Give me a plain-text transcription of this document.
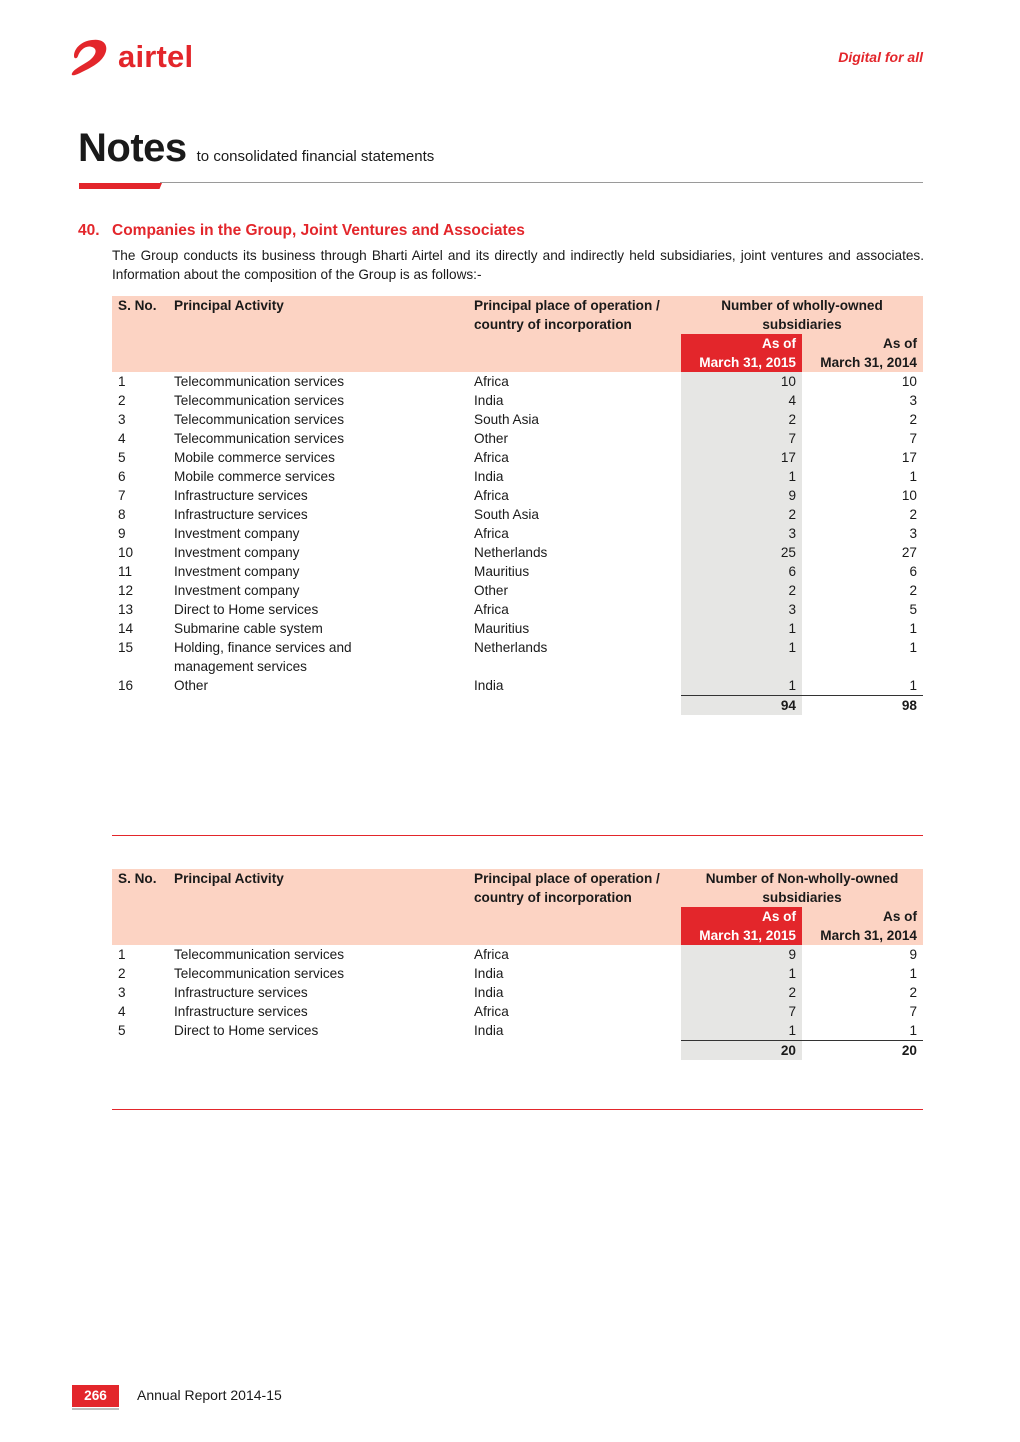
airtel	Digital for all
Notes to consolidated financial statements
40. Companies in the Group, Joint Ventures and Associates
The Group conducts its business through Bharti Airtel and its directly and indirectly held subsidiaries, joint ventures and associates. Information about the composition of the Group is as follows:-
S. No.	Principal Activity	Principal place of operation /
country of incorporation	Number of wholly-owned
subsidiaries	
			As of
March 31, 2015	As of
March 31, 2014
1	Telecommunication services	Africa	10	10
2	Telecommunication services	India	4	3
3	Telecommunication services	South Asia	2	2
4	Telecommunication services	Other	7	7
5	Mobile commerce services	Africa	17	17
6	Mobile commerce services	India	1	1
7	Infrastructure services	Africa	9	10
8	Infrastructure services	South Asia	2	2
9	Investment company	Africa	3	3
10	Investment company	Netherlands	25	27
11	Investment company	Mauritius	6	6
12	Investment company	Other	2	2
13	Direct to Home services	Africa	3	5
14	Submarine cable system	Mauritius	1	1
15	Holding, finance services and
management services	Netherlands	1	1
16	Other	India	1	1
			94	98
S. No.	Principal Activity	Principal place of operation /
country of incorporation	Number of Non-wholly-owned
subsidiaries	
			As of
March 31, 2015	As of
March 31, 2014
1	Telecommunication services	Africa	9	9
2	Telecommunication services	India	1	1
3	Infrastructure services	India	2	2
4	Infrastructure services	Africa	7	7
5	Direct to Home services	India	1	1
			20	20
266	Annual Report 2014-15
